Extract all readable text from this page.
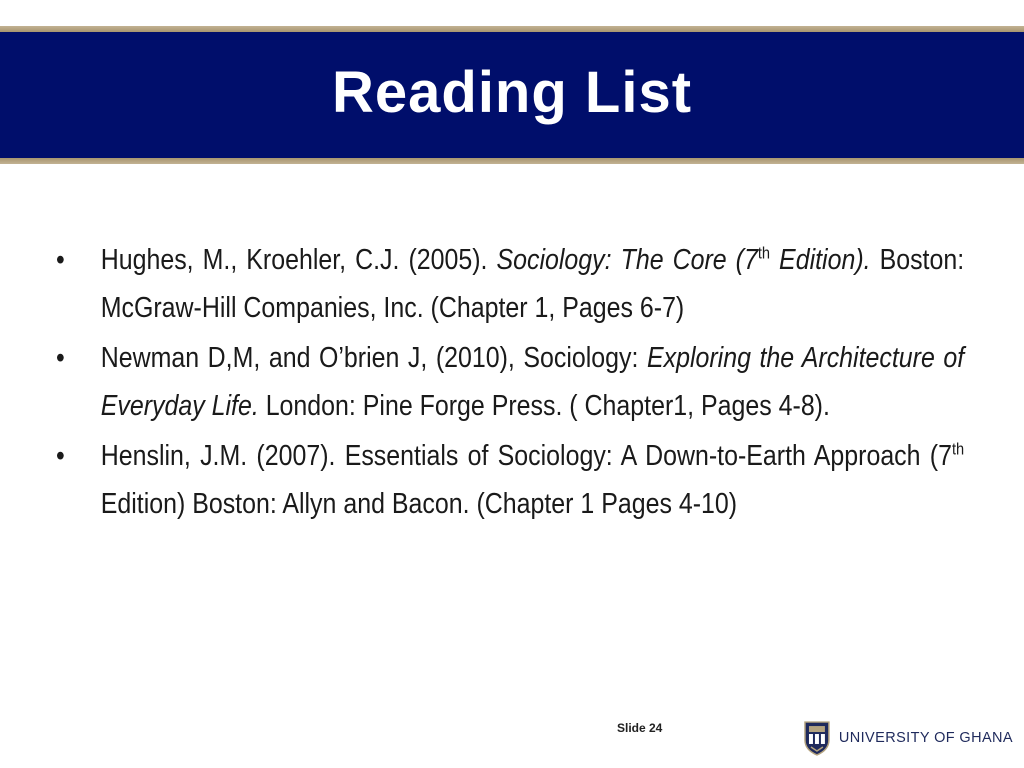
Reading List

• Hughes, M., Kroehler, C.J. (2005). Sociology: The Core (7th Edition). Boston: McGraw-Hill Companies, Inc. (Chapter 1, Pages 6-7)

• Newman D,M, and O’brien J, (2010), Sociology: Exploring the Architecture of Everyday Life. London: Pine Forge Press. ( Chapter1, Pages 4-8).

• Henslin, J.M. (2007). Essentials of Sociology: A Down-to-Earth Approach (7th Edition) Boston: Allyn and Bacon. (Chapter 1 Pages 4-10)

Slide 24
UNIVERSITY OF GHANA
